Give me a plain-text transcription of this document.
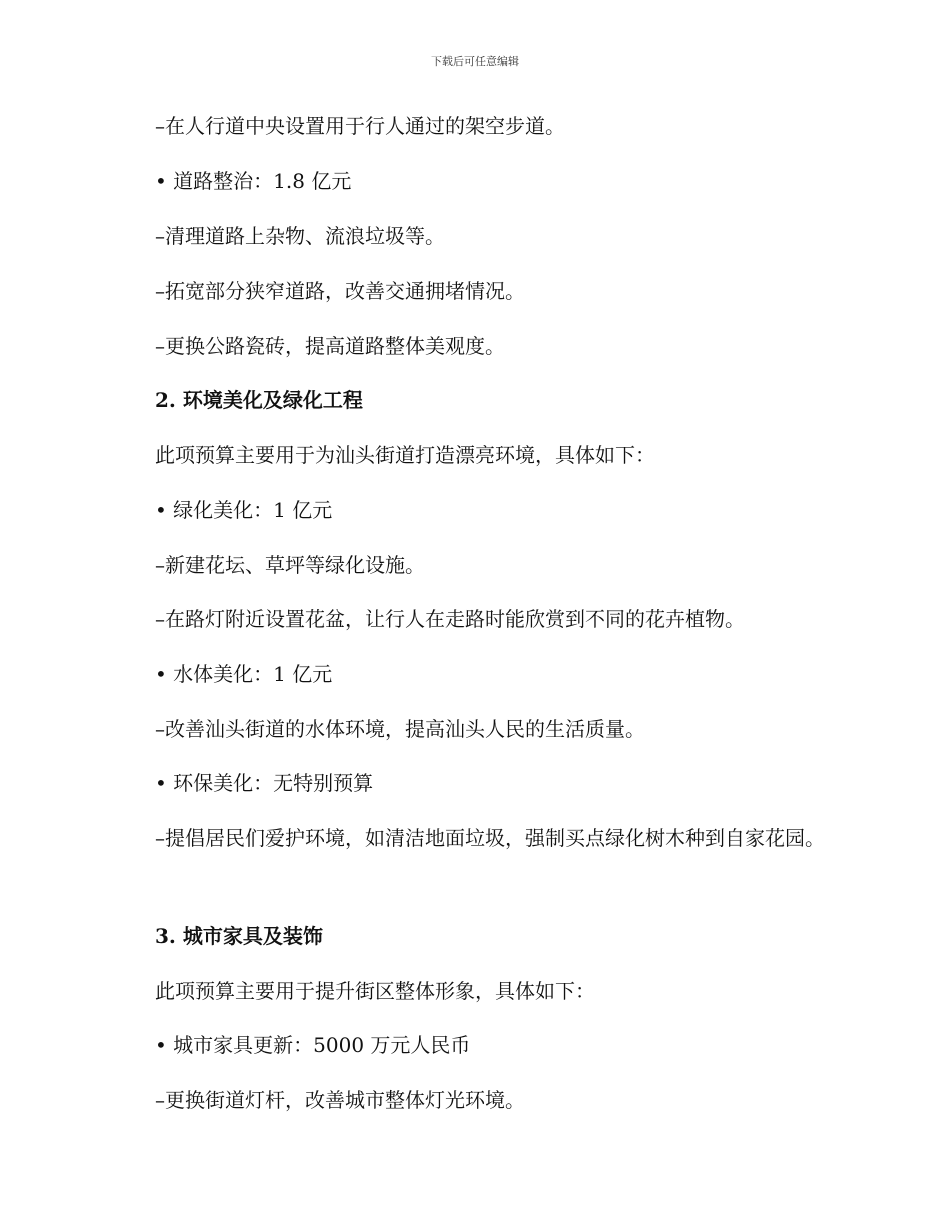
下载后可任意编辑
–在人行道中央设置用于行人通过的架空步道。
• 道路整治：1.8 亿元
–清理道路上杂物、流浪垃圾等。
–拓宽部分狭窄道路，改善交通拥堵情况。
–更换公路瓷砖，提高道路整体美观度。
2. 环境美化及绿化工程
此项预算主要用于为汕头街道打造漂亮环境，具体如下：
• 绿化美化：1 亿元
–新建花坛、草坪等绿化设施。
–在路灯附近设置花盆，让行人在走路时能欣赏到不同的花卉植物。
• 水体美化：1 亿元
–改善汕头街道的水体环境，提高汕头人民的生活质量。
• 环保美化：无特别预算
–提倡居民们爱护环境，如清洁地面垃圾，强制买点绿化树木种到自家花园。
3. 城市家具及装饰
此项预算主要用于提升街区整体形象，具体如下：
• 城市家具更新：5000 万元人民币
–更换街道灯杆，改善城市整体灯光环境。
